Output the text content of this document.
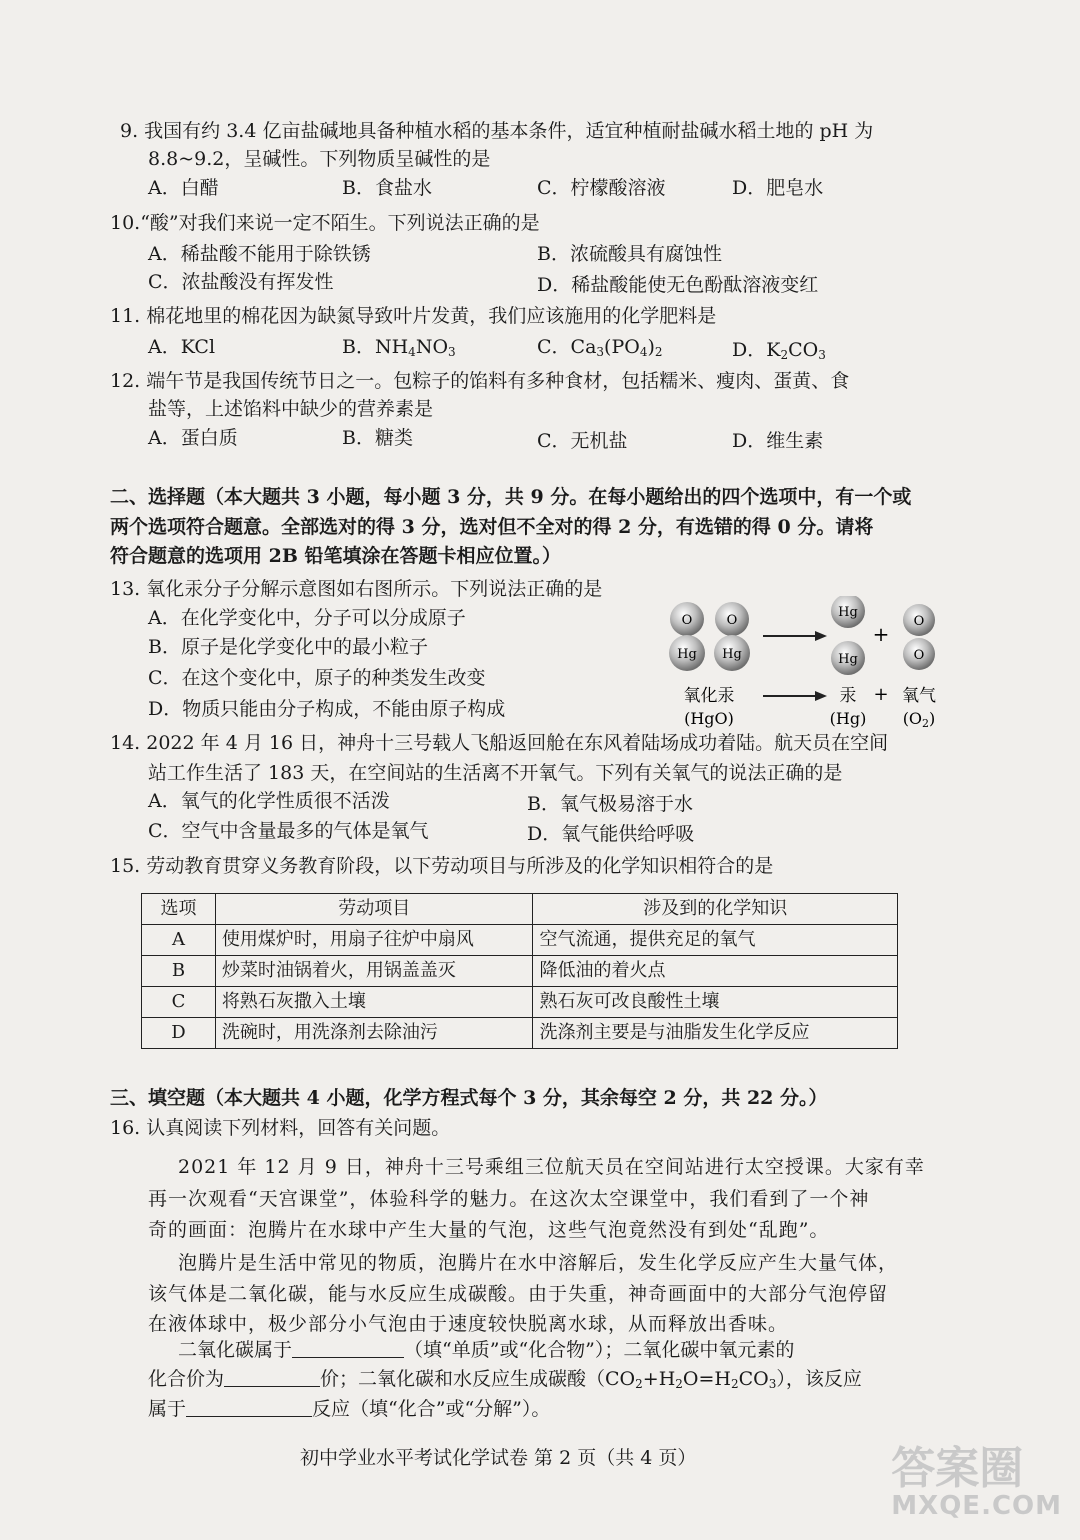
9. 我国有约 3.4 亿亩盐碱地具备种植水稻的基本条件，适宜种植耐盐碱水稻土地的 pH 为
8.8~9.2，呈碱性。下列物质呈碱性的是
A．白醋	B．食盐水	C．柠檬酸溶液	D．肥皂水
10.“酸”对我们来说一定不陌生。下列说法正确的是
A．稀盐酸不能用于除铁锈	B．浓硫酸具有腐蚀性
C．浓盐酸没有挥发性	D．稀盐酸能使无色酚酞溶液变红
11. 棉花地里的棉花因为缺氮导致叶片发黄，我们应该施用的化学肥料是
A．KCl	B．$NH_4NO_3$	C．$Ca_3(PO_4)_2$	D．$K_2CO_3$
12. 端午节是我国传统节日之一。包粽子的馅料有多种食材，包括糯米、瘦肉、蛋黄、食
盐等，上述馅料中缺少的营养素是
A．蛋白质	B．糖类	C．无机盐	D．维生素
二、选择题（本大题共 3 小题，每小题 3 分，共 9 分。在每小题给出的四个选项中，有一个或
两个选项符合题意。全部选对的得 3 分，选对但不全对的得 2 分，有选错的得 0 分。请将
符合题意的选项用 2B 铅笔填涂在答题卡相应位置。）
13. 氧化汞分子分解示意图如右图所示。下列说法正确的是
A．在化学变化中，分子可以分成原子
B．原子是化学变化中的最小粒子
C．在这个变化中，原子的种类发生改变
D．物质只能由分子构成，不能由原子构成
O
Hg
O
Hg
Hg
Hg
+
O
O
氧化汞
(HgO)
汞
(Hg)
+ 氧气
(O2)
14. 2022 年 4 月 16 日，神舟十三号载人飞船返回舱在东风着陆场成功着陆。航天员在空间
站工作生活了 183 天，在空间站的生活离不开氧气。下列有关氧气的说法正确的是
A．氧气的化学性质很不活泼	B．氧气极易溶于水
C．空气中含量最多的气体是氧气	D．氧气能供给呼吸
15. 劳动教育贯穿义务教育阶段，以下劳动项目与所涉及的化学知识相符合的是
选项	劳动项目	涉及到的化学知识
A	使用煤炉时，用扇子往炉中扇风	空气流通，提供充足的氧气
B	炒菜时油锅着火，用锅盖盖灭	降低油的着火点
C	将熟石灰撒入土壤	熟石灰可改良酸性土壤
D	洗碗时，用洗涤剂去除油污	洗涤剂主要是与油脂发生化学反应
三、填空题（本大题共 4 小题，化学方程式每个 3 分，其余每空 2 分，共 22 分。）
16. 认真阅读下列材料，回答有关问题。
2021 年 12 月 9 日，神舟十三号乘组三位航天员在空间站进行太空授课。大家有幸
再一次观看“天宫课堂”，体验科学的魅力。在这次太空课堂中，我们看到了一个神
奇的画面：泡腾片在水球中产生大量的气泡，这些气泡竟然没有到处“乱跑”。
泡腾片是生活中常见的物质，泡腾片在水中溶解后，发生化学反应产生大量气体，
该气体是二氧化碳，能与水反应生成碳酸。由于失重，神奇画面中的大部分气泡停留
在液体球中，极少部分小气泡由于速度较快脱离水球，从而释放出香味。
二氧化碳属于	（填“单质”或“化合物”）；二氧化碳中氧元素的
化合价为	价；二氧化碳和水反应生成碳酸$(CO_2+H_2O=H_2CO_3)$，该反应
属于	反应（填“化合”或“分解”）。
初中学业水平考试化学试卷 第 2 页（共 4 页）	答案圈
MXQE.COM
